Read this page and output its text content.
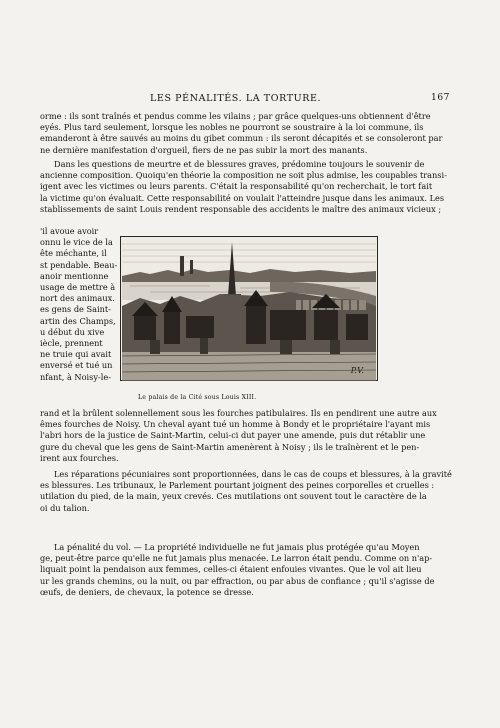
LES PÉNALITÉS. LA TORTURE.	167
orme : ils sont traînés et pendus comme les vilains ; par grâce quelques-uns obtiennent d'être
eyés. Plus tard seulement, lorsque les nobles ne pourront se soustraire à la loi commune, ils
emanderont à être sauvés au moins du gibet commun : ils seront décapités et se consoleront par
ne dernière manifestation d'orgueil, fiers de ne pas subir la mort des manants.
Dans les questions de meurtre et de blessures graves, prédomine toujours le souvenir de
ancienne composition. Quoiqu'en théorie la composition ne soit plus admise, les coupables transi-
igent avec les victimes ou leurs parents. C'était la responsabilité qu'on recherchait, le tort fait
la victime qu'on évaluait. Cette responsabilité on voulait l'atteindre jusque dans les animaux. Les
stablissements de saint Louis rendent responsable des accidents le maître des animaux vicieux ;
'il avoue avoir
onnu le vice de la
ête méchante, il
st pendable. Beau-
anoir mentionne
usage de mettre à
nort des animaux.
es gens de Saint-
artin des Champs,
u début du xive
iècle, prennent
ne truie qui avait
enversé et tué un
nfant, à Noisy-le-
P.V.
Le palais de la Cité sous Louis XIII.
rand et la brûlent solennellement sous les fourches patibulaires. Ils en pendirent une autre aux
êmes fourches de Noisy. Un cheval ayant tué un homme à Bondy et le propriétaire l'ayant mis
l'abri hors de la justice de Saint-Martin, celui-ci dut payer une amende, puis dut rétablir une
gure du cheval que les gens de Saint-Martin amenèrent à Noisy ; ils le traînèrent et le pen-
irent aux fourches.
Les réparations pécuniaires sont proportionnées, dans le cas de coups et blessures, à la gravité
es blessures. Les tribunaux, le Parlement pourtant joignent des peines corporelles et cruelles :
utilation du pied, de la main, yeux crevés. Ces mutilations ont souvent tout le caractère de la
oi du talion.
La pénalité du vol. — La propriété individuelle ne fut jamais plus protégée qu'au Moyen
ge, peut-être parce qu'elle ne fut jamais plus menacée. Le larron était pendu. Comme on n'ap-
liquait point la pendaison aux femmes, celles-ci étaient enfouies vivantes. Que le vol ait lieu
ur les grands chemins, ou la nuit, ou par effraction, ou par abus de confiance ; qu'il s'agisse de
œufs, de deniers, de chevaux, la potence se dresse.
